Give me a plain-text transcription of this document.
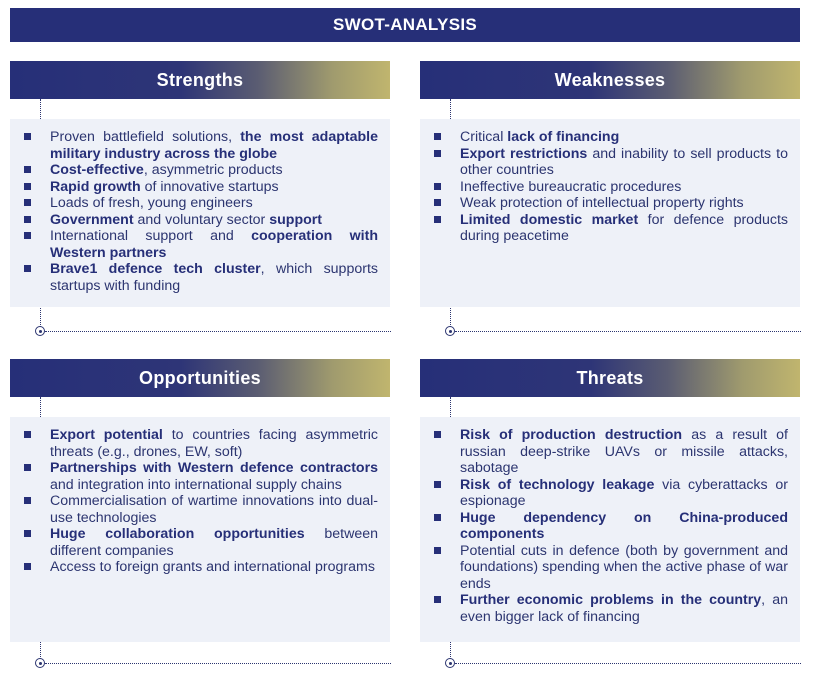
SWOT-ANALYSIS
Strengths
Proven battlefield solutions, the most adaptable military industry across the globe
Cost-effective, asymmetric products
Rapid growth of innovative startups
Loads of fresh, young engineers
Government and voluntary sector support
International support and cooperation with Western partners
Brave1 defence tech cluster, which supports startups with funding
Weaknesses
Critical lack of financing
Export restrictions and inability to sell products to other countries
Ineffective bureaucratic procedures
Weak protection of intellectual property rights
Limited domestic market for defence products during peacetime
Opportunities
Export potential to countries facing asymmetric threats (e.g., drones, EW, soft)
Partnerships with Western defence contractors and integration into international supply chains
Commercialisation of wartime innovations into dual-use technologies
Huge collaboration opportunities between different companies
Access to foreign grants and international programs
Threats
Risk of production destruction as a result of russian deep-strike UAVs or missile attacks, sabotage
Risk of technology leakage via cyberattacks or espionage
Huge dependency on China-produced components
Potential cuts in defence (both by government and foundations) spending when the active phase of war ends
Further economic problems in the country, an even bigger lack of financing
